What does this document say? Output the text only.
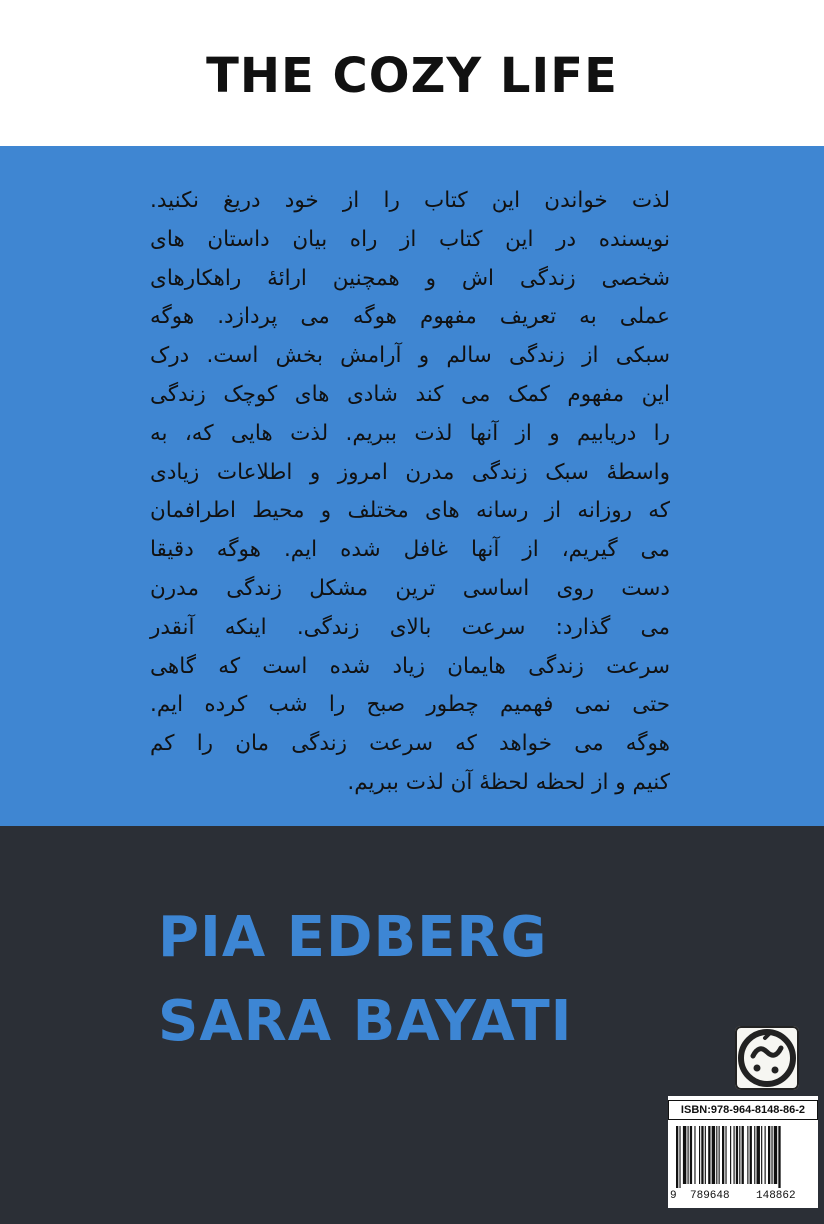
THE COZY LIFE
لذت خواندن این کتاب را از خود دریغ نکنید.
نویسنده در این کتاب از راه بیان داستان های
شخصی زندگی اش و همچنین ارائهٔ راهکارهای
عملی به تعریف مفهوم هوگه می پردازد. هوگه
سبکی از زندگی سالم و آرامش بخش است. درک
این مفهوم کمک می کند شادی های کوچک زندگی
را دریابیم و از آنها لذت ببریم. لذت هایی که، به
واسطهٔ سبک زندگی مدرن امروز و اطلاعات زیادی
که روزانه از رسانه های مختلف و محیط اطرافمان
می گیریم، از آنها غافل شده ایم. هوگه دقیقا
دست روی اساسی ترین مشکل زندگی مدرن
می گذارد: سرعت بالای زندگی. اینکه آنقدر
سرعت زندگی هایمان زیاد شده است که گاهی
حتی نمی فهمیم چطور صبح را شب کرده ایم.
هوگه می خواهد که سرعت زندگی مان را کم
کنیم و از لحظه لحظهٔ آن لذت ببریم.
PIA EDBERG
SARA BAYATI
ISBN:978-964-8148-86-2
9 789648 148862
